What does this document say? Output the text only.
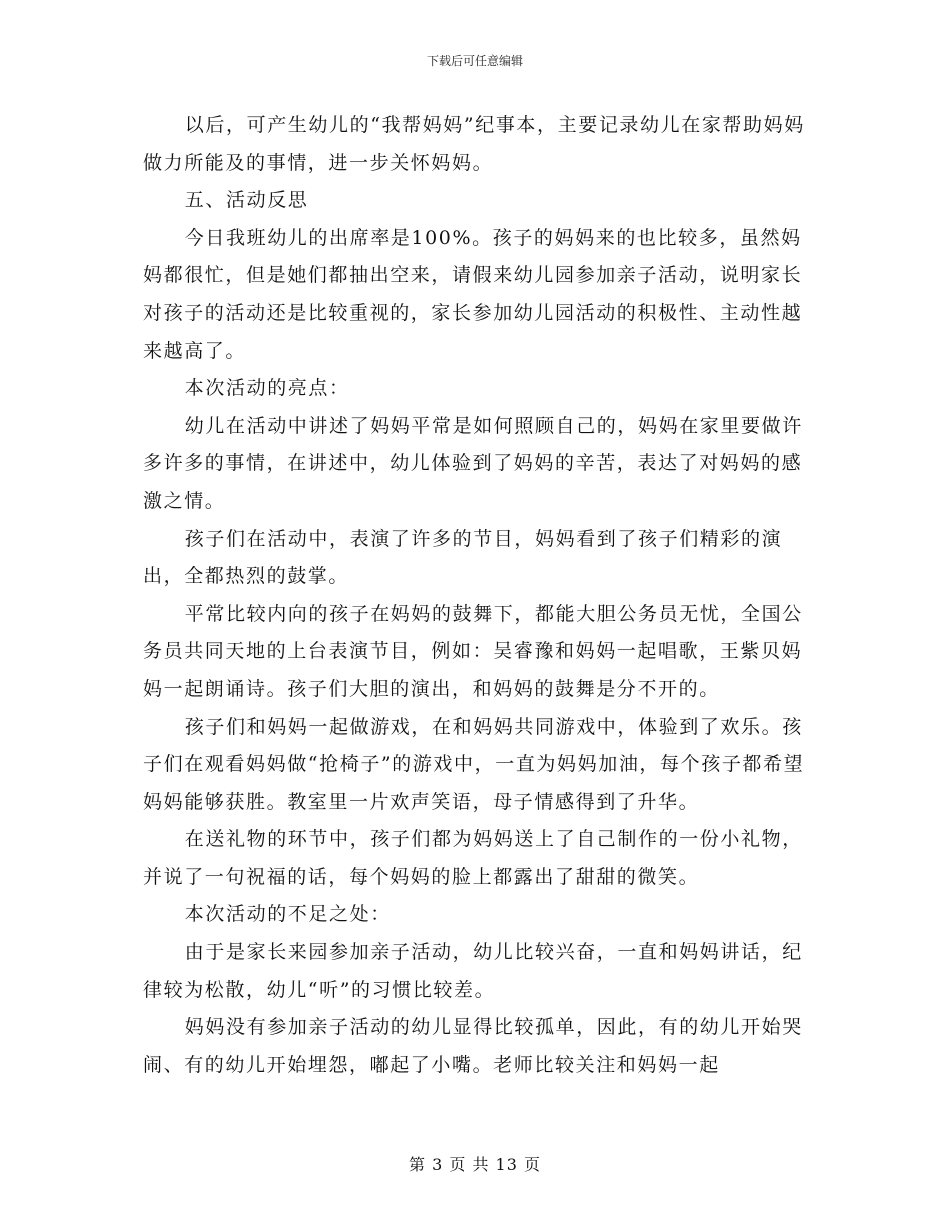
下载后可任意编辑

以后，可产生幼儿的“我帮妈妈”纪事本，主要记录幼儿在家帮助妈妈做力所能及的事情，进一步关怀妈妈。

五、活动反思

今日我班幼儿的出席率是100%。孩子的妈妈来的也比较多，虽然妈妈都很忙，但是她们都抽出空来，请假来幼儿园参加亲子活动，说明家长对孩子的活动还是比较重视的，家长参加幼儿园活动的积极性、主动性越来越高了。

本次活动的亮点：

幼儿在活动中讲述了妈妈平常是如何照顾自己的，妈妈在家里要做许多许多的事情，在讲述中，幼儿体验到了妈妈的辛苦，表达了对妈妈的感激之情。

孩子们在活动中，表演了许多的节目，妈妈看到了孩子们精彩的演出，全都热烈的鼓掌。

平常比较内向的孩子在妈妈的鼓舞下，都能大胆公务员无忧，全国公务员共同天地的上台表演节目，例如：吴睿豫和妈妈一起唱歌，王紫贝妈妈一起朗诵诗。孩子们大胆的演出，和妈妈的鼓舞是分不开的。

孩子们和妈妈一起做游戏，在和妈妈共同游戏中，体验到了欢乐。孩子们在观看妈妈做“抢椅子”的游戏中，一直为妈妈加油，每个孩子都希望妈妈能够获胜。教室里一片欢声笑语，母子情感得到了升华。

在送礼物的环节中，孩子们都为妈妈送上了自己制作的一份小礼物，并说了一句祝福的话，每个妈妈的脸上都露出了甜甜的微笑。

本次活动的不足之处：

由于是家长来园参加亲子活动，幼儿比较兴奋，一直和妈妈讲话，纪律较为松散，幼儿“听”的习惯比较差。

妈妈没有参加亲子活动的幼儿显得比较孤单，因此，有的幼儿开始哭闹、有的幼儿开始埋怨，嘟起了小嘴。老师比较关注和妈妈一起

第 3 页 共 13 页
